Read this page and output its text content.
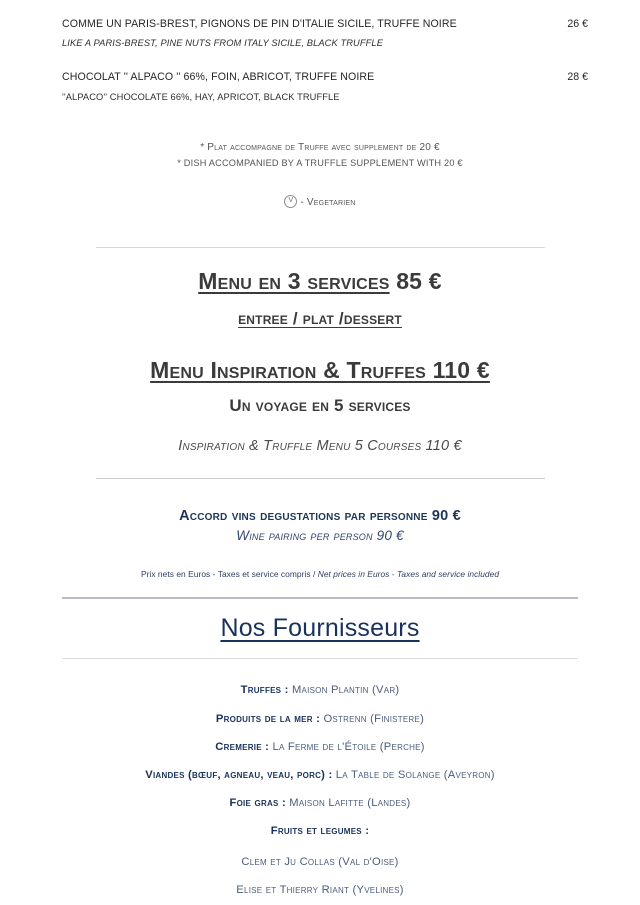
COMME UN PARIS-BREST, PIGNONS DE PIN D'ITALIE SICILE, TRUFFE NOIRE	26 €
LIKE A PARIS-BREST, PINE NUTS FROM ITALY SICILE, BLACK TRUFFLE
CHOCOLAT '' ALPACO '' 66%, FOIN, ABRICOT, TRUFFE NOIRE	28 €
''ALPACO'' CHOCOLATE 66%, HAY, APRICOT, BLACK TRUFFLE
* Plat accompagne de Truffe avec supplement de 20 €
* DISH ACCOMPANIED BY A TRUFFLE SUPPLEMENT WITH 20 €
V - Vegetarien
Menu en 3 services 85 €
entree / plat /dessert
Menu Inspiration & Truffes 110 €
Un voyage en 5 services
Inspiration & Truffle Menu 5 Courses 110 €
Accord vins degustations par personne 90 €
Wine pairing per person 90 €
Prix nets en Euros - Taxes et service compris / Net prices in Euros - Taxes and service included
Nos Fournisseurs
Truffes : Maison Plantin (Var)
Produits de la mer : Ostrenn (Finistere)
Cremerie : La Ferme de l'Étoile (Perche)
Viandes (bœuf, agneau, veau, porc) : La Table de Solange (Aveyron)
Foie gras : Maison Lafitte (Landes)
Fruits et legumes :
Clem et Ju Collas (Val d'Oise)
Elise et Thierry Riant (Yvelines)
